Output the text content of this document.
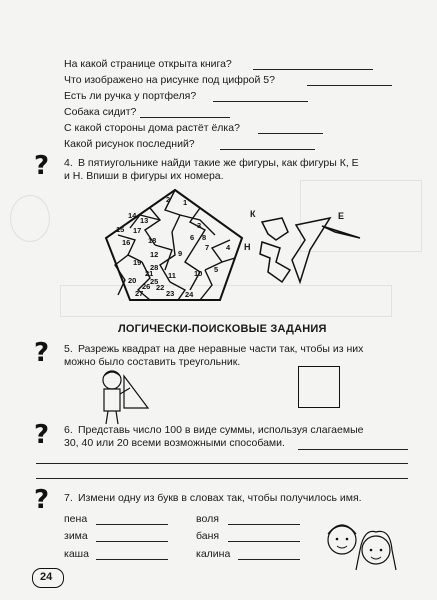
На какой странице открыта книга?
Что изображено на рисунке под цифрой 5?
Есть ли ручка у портфеля?
Собака сидит?
С какой стороны дома растёт ёлка?
Какой рисунок последний?
? 4. В пятиугольнике найди такие же фигуры, как фигуры К, Е
и Н. Впиши в фигуры их номера.
1
2
3
4
5
6
7
8
9
10
11
12
13
14
15
16
17
18
19
20
21
22
23 24
25
26
27
28
К	Е
Н
ЛОГИЧЕСКИ-ПОИСКОВЫЕ ЗАДАНИЯ
? 5. Разрежь квадрат на две неравные части так, чтобы из них
можно было составить треугольник.
? 6. Представь число 100 в виде суммы, используя слагаемые
30, 40 или 20 всеми возможными способами.
? 7. Измени одну из букв в словах так, чтобы получилось имя.
пена	воля
зима	баня
каша	калина
24
